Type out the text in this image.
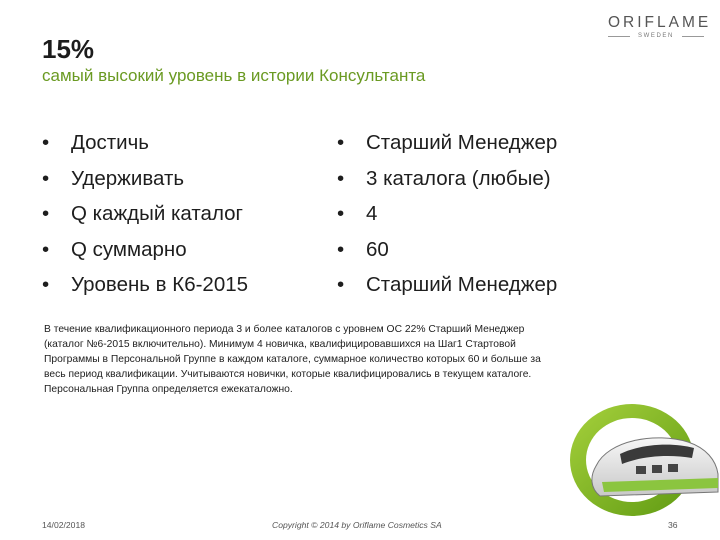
15%

самый высокий уровень в истории Консультанта

ORIFLAME
SWEDEN
• Достичь
• Удерживать
• Q каждый каталог
• Q суммарно
• Уровень в К6-2015
• Старший Менеджер
• 3 каталога (любые)
• 4
• 60
• Старший Менеджер
В течение квалификационного периода 3 и более каталогов с уровнем ОС 22% Старший Менеджер
(каталог №6-2015 включительно). Минимум 4 новичка, квалифицировавшихся на Шаг1 Стартовой
Программы в Персональной Группе в каждом каталоге, суммарное количество которых 60 и больше за
весь период квалификации. Учитываются новички, которые квалифицировались в текущем каталоге.
Персональная Группа определяется ежекаталожно.
14/02/2018	Copyright © 2014 by Oriflame Cosmetics SA	36
